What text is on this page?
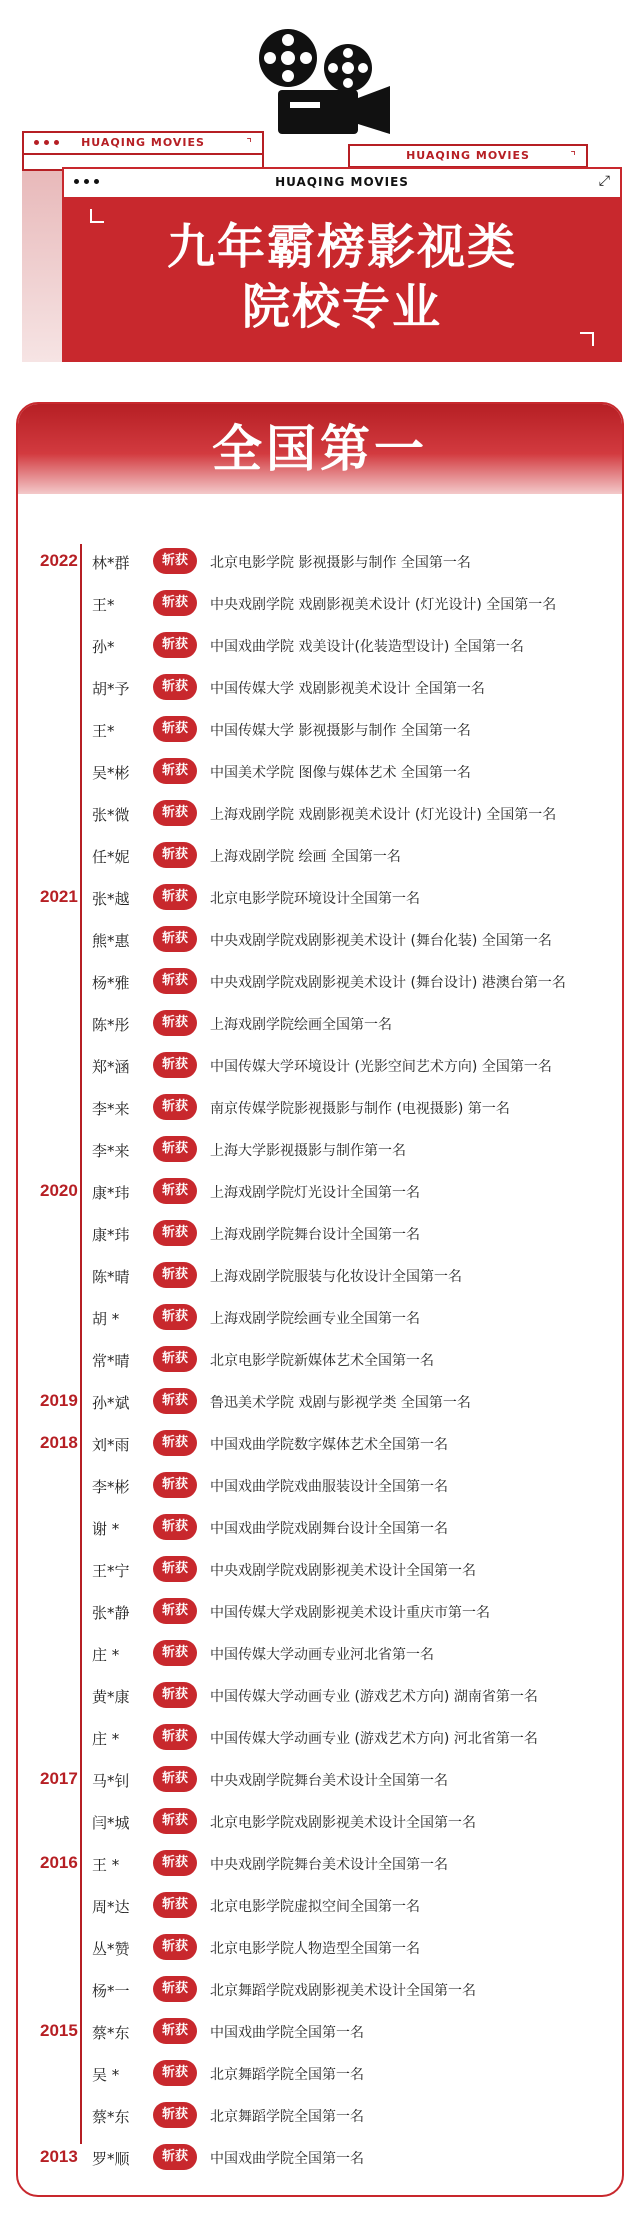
HUAQING MOVIES	⌝
HUAQING MOVIES	⌝
HUAQING MOVIES	⤢
九年霸榜影视类
院校专业
全国第一
2022 林*群	斩获	北京电影学院 影视摄影与制作 全国第一名
王*	斩获	中央戏剧学院 戏剧影视美术设计 (灯光设计) 全国第一名
孙*	斩获	中国戏曲学院 戏美设计(化装造型设计) 全国第一名
胡*予	斩获	中国传媒大学 戏剧影视美术设计 全国第一名
王*	斩获	中国传媒大学 影视摄影与制作 全国第一名
吴*彬	斩获	中国美术学院 图像与媒体艺术 全国第一名
张*微	斩获	上海戏剧学院 戏剧影视美术设计 (灯光设计) 全国第一名
任*妮	斩获	上海戏剧学院 绘画 全国第一名
2021 张*越	斩获	北京电影学院环境设计全国第一名
熊*惠	斩获	中央戏剧学院戏剧影视美术设计 (舞台化装) 全国第一名
杨*雅	斩获	中央戏剧学院戏剧影视美术设计 (舞台设计) 港澳台第一名
陈*彤	斩获	上海戏剧学院绘画全国第一名
郑*涵	斩获	中国传媒大学环境设计 (光影空间艺术方向) 全国第一名
李*来	斩获	南京传媒学院影视摄影与制作 (电视摄影) 第一名
李*来	斩获	上海大学影视摄影与制作第一名
2020 康*玮	斩获	上海戏剧学院灯光设计全国第一名
康*玮	斩获	上海戏剧学院舞台设计全国第一名
陈*晴	斩获	上海戏剧学院服装与化妆设计全国第一名
胡 *	斩获	上海戏剧学院绘画专业全国第一名
常*晴	斩获	北京电影学院新媒体艺术全国第一名
2019 孙*斌	斩获	鲁迅美术学院 戏剧与影视学类 全国第一名
2018 刘*雨	斩获	中国戏曲学院数字媒体艺术全国第一名
李*彬	斩获	中国戏曲学院戏曲服装设计全国第一名
谢 *	斩获	中国戏曲学院戏剧舞台设计全国第一名
王*宁	斩获	中央戏剧学院戏剧影视美术设计全国第一名
张*静	斩获	中国传媒大学戏剧影视美术设计重庆市第一名
庄 *	斩获	中国传媒大学动画专业河北省第一名
黄*康	斩获	中国传媒大学动画专业 (游戏艺术方向) 湖南省第一名
庄 *	斩获	中国传媒大学动画专业 (游戏艺术方向) 河北省第一名
2017 马*钊	斩获	中央戏剧学院舞台美术设计全国第一名
闫*城	斩获	北京电影学院戏剧影视美术设计全国第一名
2016 王 *	斩获	中央戏剧学院舞台美术设计全国第一名
周*达	斩获	北京电影学院虚拟空间全国第一名
丛*赞	斩获	北京电影学院人物造型全国第一名
杨*一	斩获	北京舞蹈学院戏剧影视美术设计全国第一名
2015 蔡*东	斩获	中国戏曲学院全国第一名
吴 *	斩获	北京舞蹈学院全国第一名
蔡*东	斩获	北京舞蹈学院全国第一名
2013 罗*顺	斩获	中国戏曲学院全国第一名
